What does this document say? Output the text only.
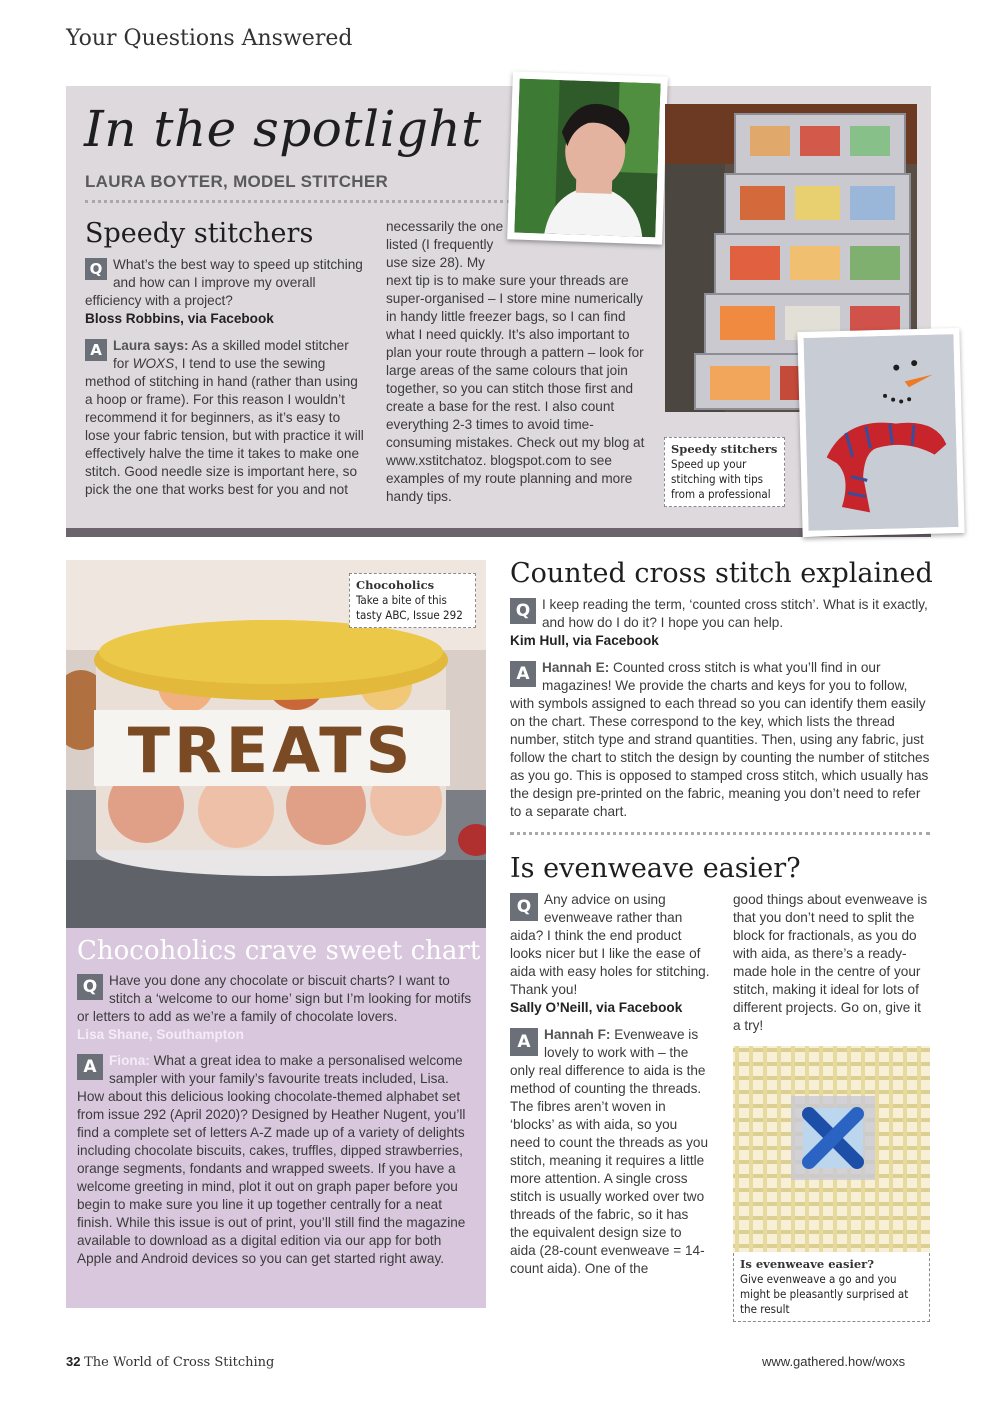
Your Questions Answered
In the spotlight
LAURA BOYTER, MODEL STITCHER
Speedy stitchers
Speed up your stitching with tips from a professional
Speedy stitchers

Q What’s the best way to speed up stitching and how can I improve my overall efficiency with a project?

Bloss Robbins, via Facebook

A Laura says: As a skilled model stitcher for WOXS, I tend to use the sewing method of stitching in hand (rather than using a hoop or frame). For this reason I wouldn’t recommend it for beginners, as it’s easy to lose your fabric tension, but with practice it will effectively halve the time it takes to make one stitch. Good needle size is important here, so pick the one that works best for you and not

necessarily the one listed (I frequently use size 28). My

next tip is to make sure your threads are super-organised – I store mine numerically in handy little freezer bags, so I can find what I need quickly. It’s also important to plan your route through a pattern – look for large areas of the same colours that join together, so you can stitch those first and create a base for the rest. I also count everything 2-3 times to avoid time-consuming mistakes. Check out my blog at www.xstitchatoz. blogspot.com to see examples of my route planning and more handy tips.

TREATS
Chocoholics
Take a bite of this tasty ABC, Issue 292
Chocoholics crave sweet chart

Q Have you done any chocolate or biscuit charts? I want to stitch a ‘welcome to our home’ sign but I’m looking for motifs or letters to add as we’re a family of chocolate lovers.

Lisa Shane, Southampton

A Fiona: What a great idea to make a personalised welcome sampler with your family’s favourite treats included, Lisa. How about this delicious looking chocolate-themed alphabet set from issue 292 (April 2020)? Designed by Heather Nugent, you’ll find a complete set of letters A-Z made up of a variety of delights including chocolate biscuits, cakes, truffles, dipped strawberries, orange segments, fondants and wrapped sweets. If you have a welcome greeting in mind, plot it out on graph paper before you begin to make sure you line it up together centrally for a neat finish. While this issue is out of print, you’ll still find the magazine available to download as a digital edition via our app for both Apple and Android devices so you can get started right away.

Counted cross stitch explained

Q I keep reading the term, ‘counted cross stitch’. What is it exactly, and how do I do it? I hope you can help.

Kim Hull, via Facebook

A Hannah E: Counted cross stitch is what you’ll find in our magazines! We provide the charts and keys for you to follow, with symbols assigned to each thread so you can identify them easily on the chart. These correspond to the key, which lists the thread number, stitch type and strand quantities. Then, using any fabric, just follow the chart to stitch the design by counting the number of stitches as you go. This is opposed to stamped cross stitch, which usually has the design pre-printed on the fabric, meaning you don’t need to refer to a separate chart.

Is evenweave easier?

Q Any advice on using evenweave rather than aida? I think the end product looks nicer but I like the ease of aida with easy holes for stitching. Thank you!

Sally O’Neill, via Facebook

A Hannah F: Evenweave is lovely to work with – the only real difference to aida is the method of counting the threads. The fibres aren’t woven in ‘blocks’ as with aida, so you need to count the threads as you stitch, meaning it requires a little more attention. A single cross stitch is usually worked over two threads of the fabric, so it has the equivalent design size to aida (28-count evenweave = 14-count aida). One of the

good things about evenweave is that you don’t need to split the block for fractionals, as you do with aida, as there’s a ready-made hole in the centre of your stitch, making it ideal for lots of different projects. Go on, give it a try!

Is evenweave easier?
Give evenweave a go and you might be pleasantly surprised at the result
32 The World of Cross Stitching	www.gathered.how/woxs
